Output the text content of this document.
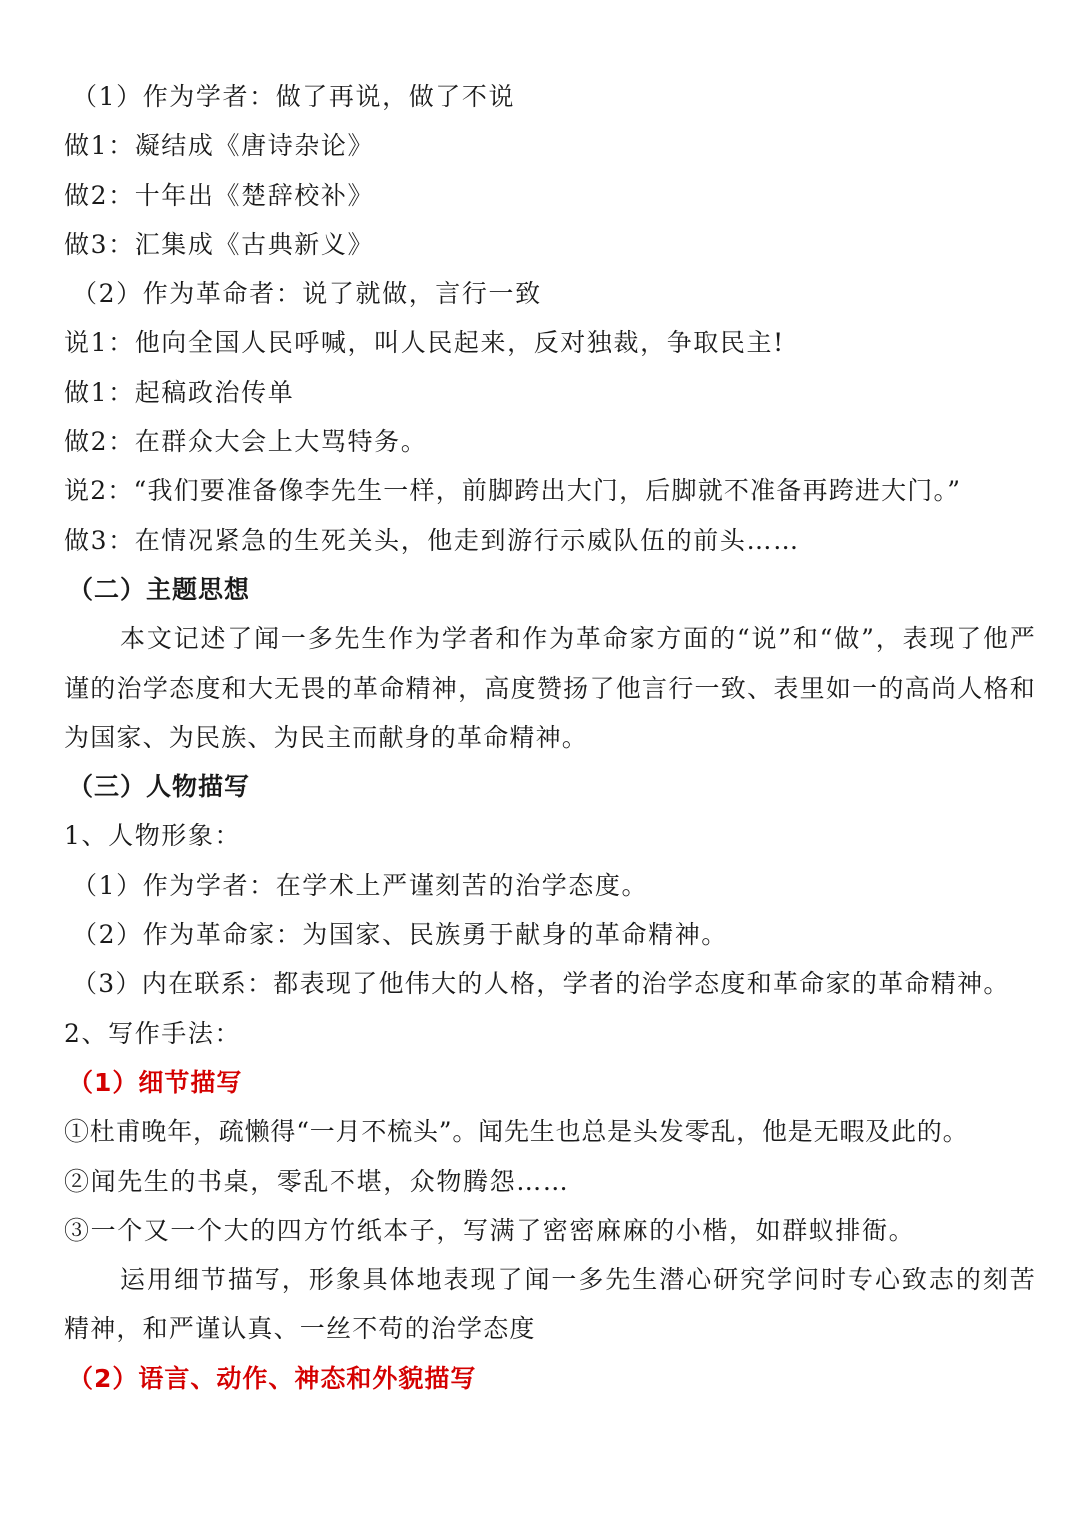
（1）作为学者：做了再说，做了不说
做1：凝结成《唐诗杂论》
做2：十年出《楚辞校补》
做3：汇集成《古典新义》
（2）作为革命者：说了就做，言行一致
说1：他向全国人民呼喊，叫人民起来，反对独裁，争取民主!
做1：起稿政治传单
做2：在群众大会上大骂特务。
说2：“我们要准备像李先生一样，前脚跨出大门，后脚就不准备再跨进大门。”
做3：在情况紧急的生死关头，他走到游行示威队伍的前头……
（二）主题思想

本文记述了闻一多先生作为学者和作为革命家方面的“说”和“做”，表现了他严谨的治学态度和大无畏的革命精神，高度赞扬了他言行一致、表里如一的高尚人格和为国家、为民族、为民主而献身的革命精神。

（三）人物描写
1、人物形象：
（1）作为学者：在学术上严谨刻苦的治学态度。
（2）作为革命家：为国家、民族勇于献身的革命精神。
（3）内在联系：都表现了他伟大的人格，学者的治学态度和革命家的革命精神。
2、写作手法：
（1）细节描写
①杜甫晚年，疏懒得“一月不梳头”。闻先生也总是头发零乱，他是无暇及此的。
②闻先生的书桌，零乱不堪，众物腾怨……
③一个又一个大的四方竹纸本子，写满了密密麻麻的小楷，如群蚁排衙。

运用细节描写，形象具体地表现了闻一多先生潜心研究学问时专心致志的刻苦精神，和严谨认真、一丝不苟的治学态度

（2）语言、动作、神态和外貌描写
